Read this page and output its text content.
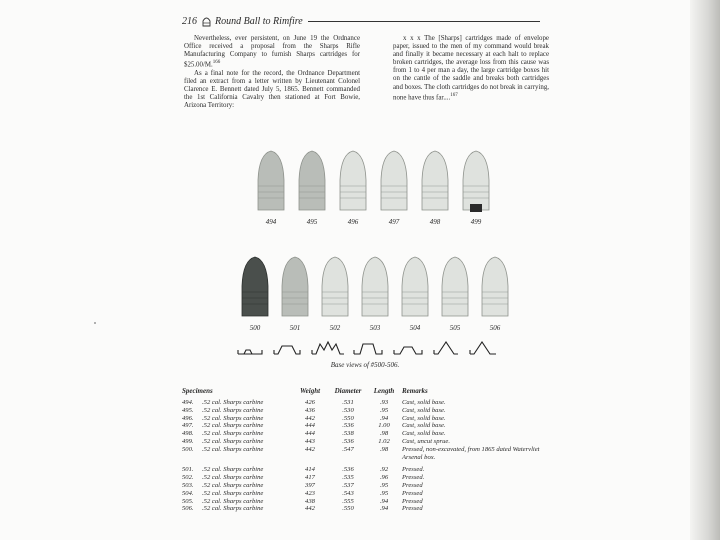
216 Round Ball to Rimfire

Nevertheless, ever persistent, on June 19 the Ordnance Office received a proposal from the Sharps Rifle Manufacturing Company to furnish Sharps cartridges for $25.00/M.$^{166}$

As a final note for the record, the Ordnance Department filed an extract from a letter written by Lieutenant Colonel Clarence E. Bennett dated July 5, 1865. Bennett commanded the 1st California Cavalry then stationed at Fort Bowie, Arizona Territory:

x x x The [Sharps] cartridges made of envelope paper, issued to the men of my command would break and finally it became necessary at each halt to replace broken cartridges, the average loss from this cause was from 1 to 4 per man a day, the large cartridge boxes hit on the cantle of the saddle and breaks both cartridges and boxes. The cloth cartridges do not break in carrying, none have thus far....$^{167}$

494	495	496	497	498	499
500	501	502	503	504	505	506
Base views of #500-506.
Specimens		Weight	Diameter	Length	Remarks
494.	.52 cal. Sharps carbine	426	.531	.93	Cast, solid base.
495.	.52 cal. Sharps carbine	436	.530	.95	Cast, solid base.
496.	.52 cal. Sharps carbine	442	.550	.94	Cast, solid base.
497.	.52 cal. Sharps carbine	444	.536	1.00	Cast, solid base.
498.	.52 cal. Sharps carbine	444	.538	.98	Cast, solid base.
499.	.52 cal. Sharps carbine	443	.536	1.02	Cast, uncut sprue.
500.	.52 cal. Sharps carbine	442	.547	.98	Pressed, non-excavated, from 1865 dated Watervliet Arsenal box.
501.	.52 cal. Sharps carbine	414	.536	.92	Pressed.
502.	.52 cal. Sharps carbine	417	.535	.96	Pressed.
503.	.52 cal. Sharps carbine	397	.537	.95	Pressed
504.	.52 cal. Sharps carbine	423	.543	.95	Pressed
505.	.52 cal. Sharps carbine	438	.555	.94	Pressed
506.	.52 cal. Sharps carbine	442	.550	.94	Pressed
